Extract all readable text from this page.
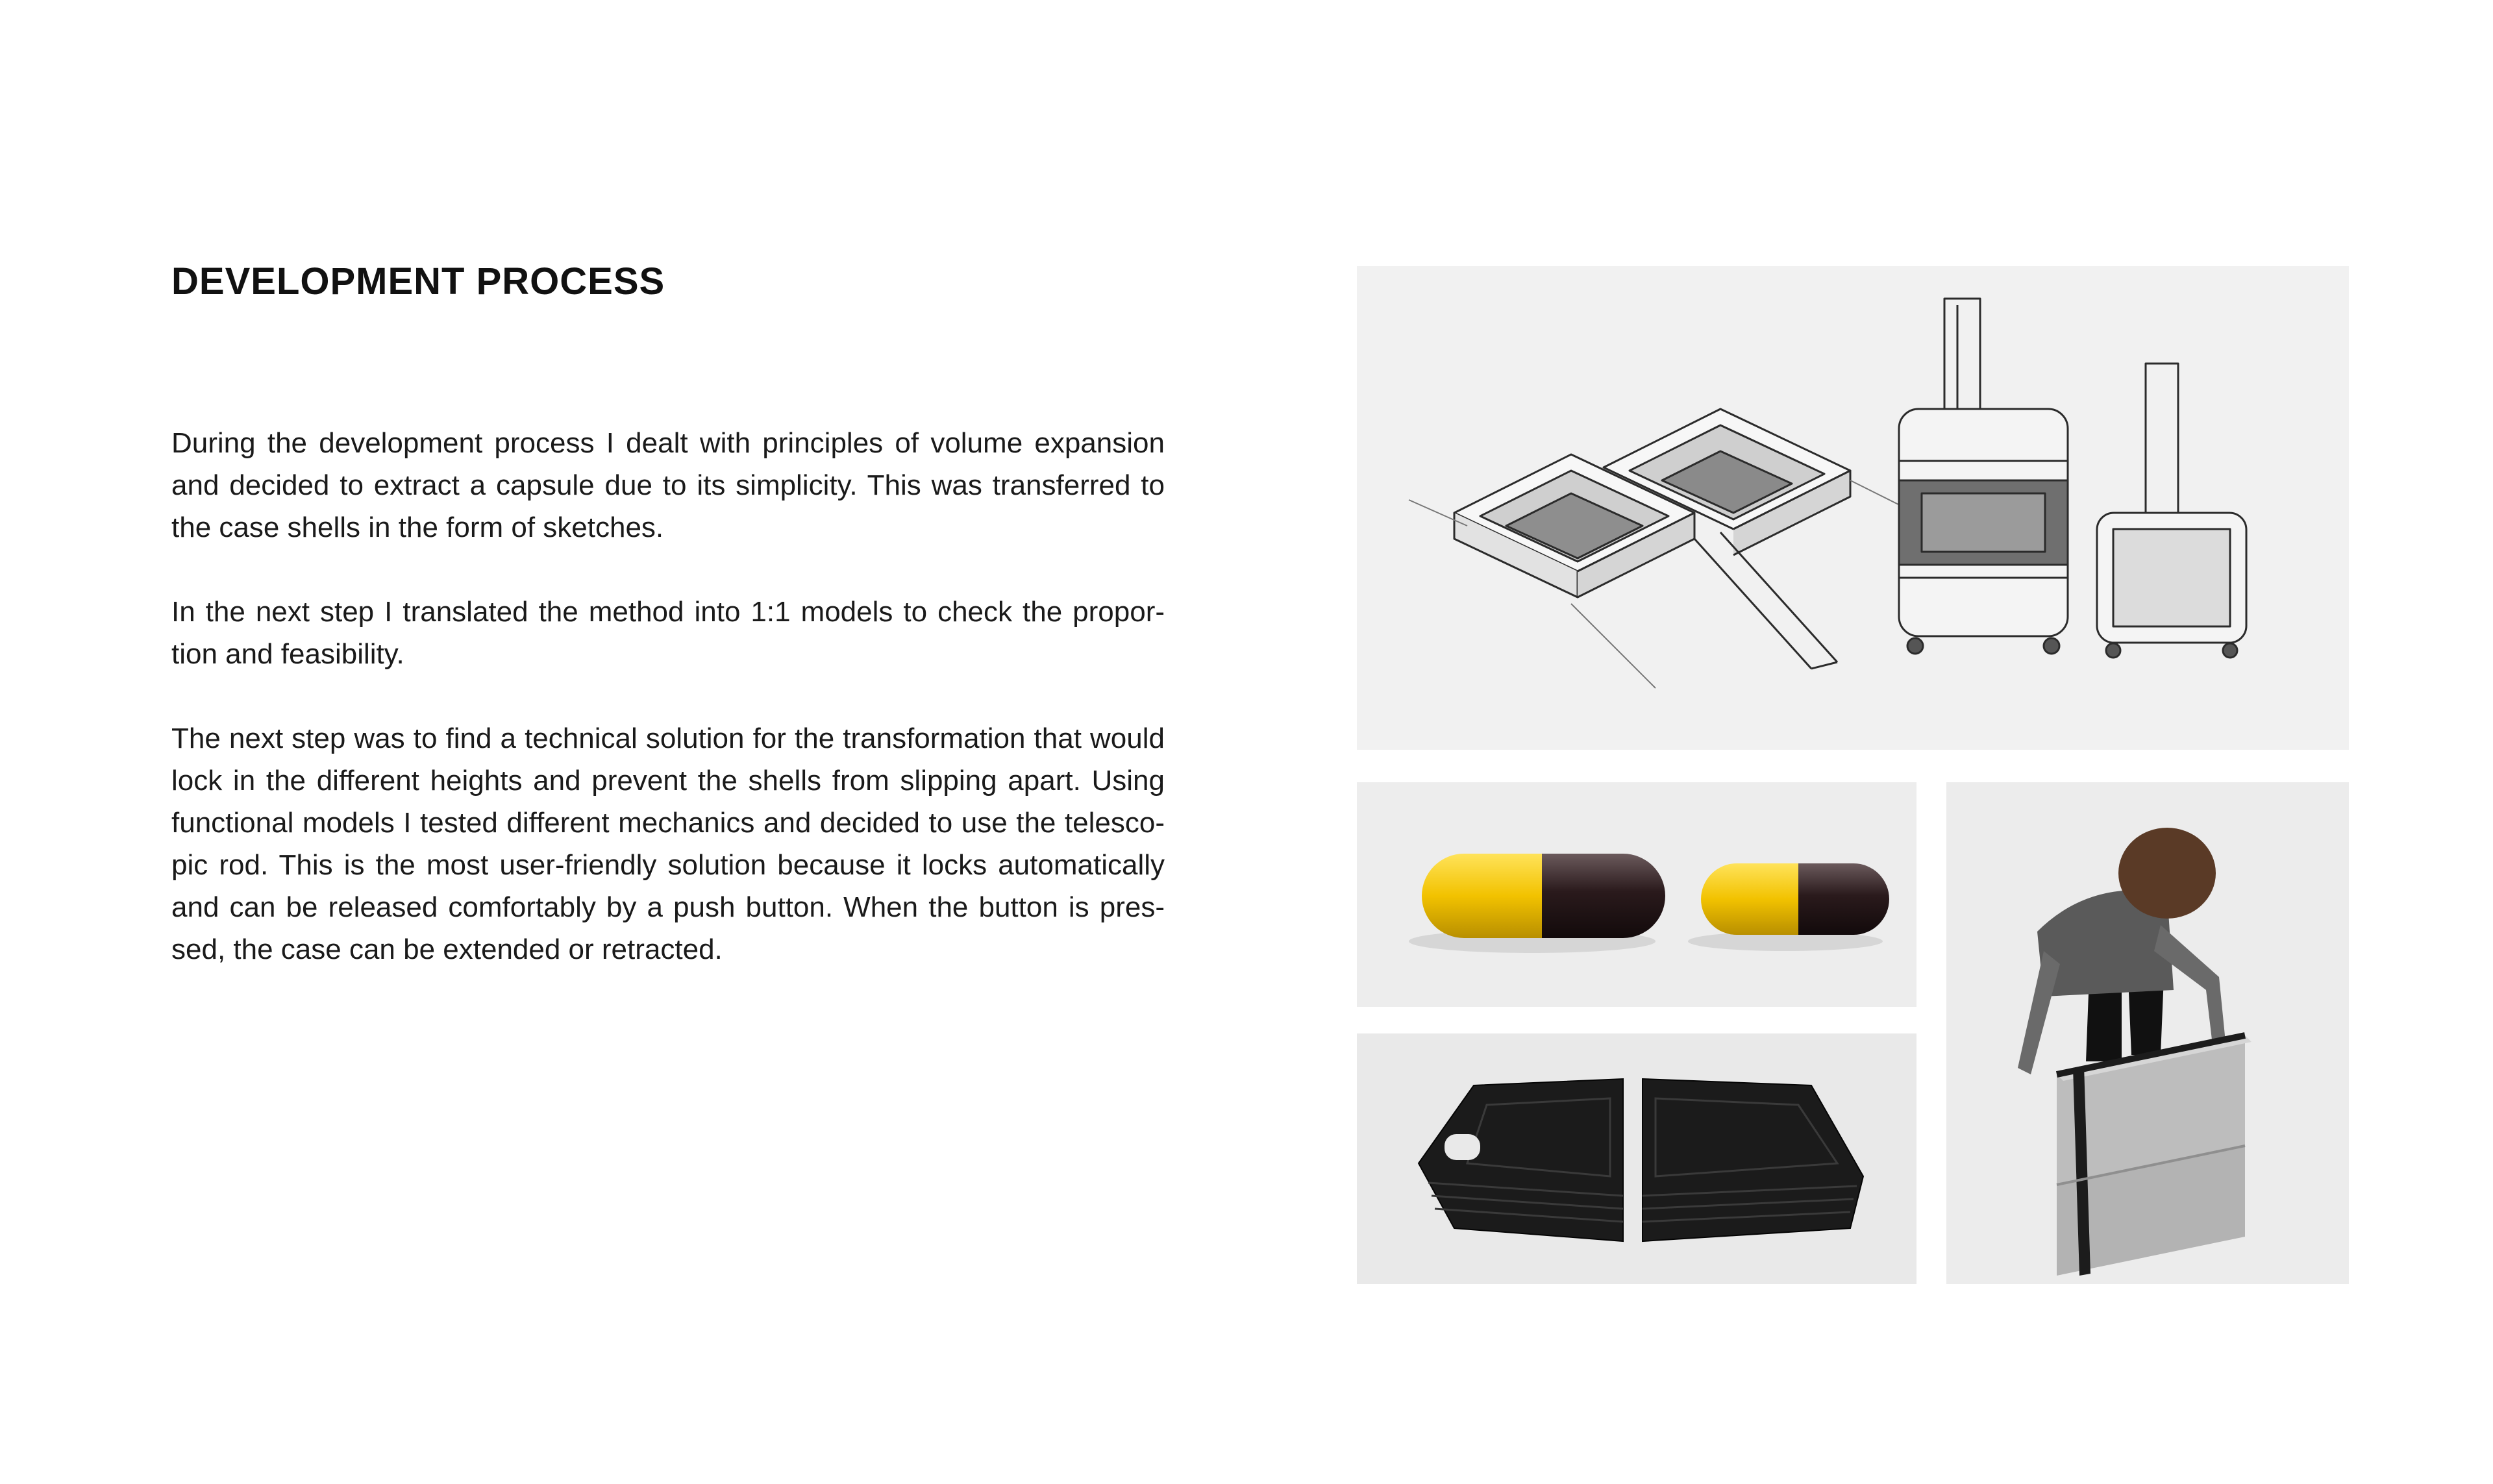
DEVELOPMENT PROCESS

During the development process I dealt with principles of volume expansion and decided to extract a capsule due to its simplicity. This was transferred to the case shells in the form of sketches.

In the next step I translated the method into 1:1 models to check the propor- tion and feasibility.

The next step was to find a technical solution for the transformation that would lock in the different heights and prevent the shells from slipping apart. Using functional models I tested different mechanics and decided to use the telesco- pic rod. This is the most user-friendly solution because it locks automatically and can be released comfortably by a push button. When the button is pres- sed, the case can be extended or retracted.
